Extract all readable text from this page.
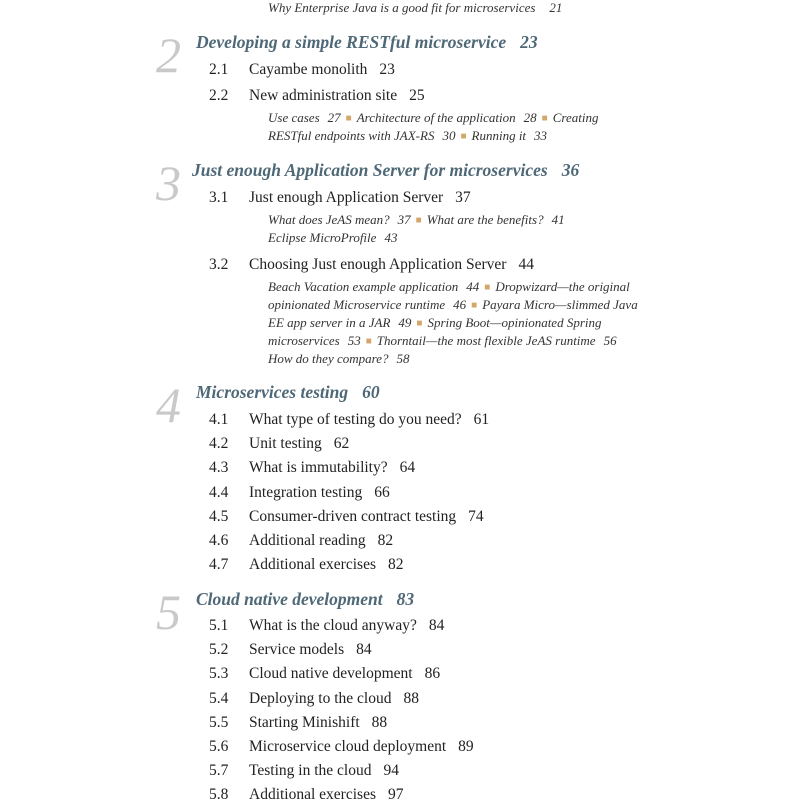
Why Enterprise Java is a good fit for microservices 21
2 Developing a simple RESTful microservice 23
2.1 Cayambe monolith 23
2.2 New administration site 25
Use cases 27 ■ Architecture of the application 28 ■ Creating
RESTful endpoints with JAX-RS 30 ■ Running it 33
3 Just enough Application Server for microservices 36
3.1 Just enough Application Server 37
What does JeAS mean? 37 ■ What are the benefits? 41
Eclipse MicroProfile 43
3.2 Choosing Just enough Application Server 44
Beach Vacation example application 44 ■ Dropwizard—the original
opinionated Microservice runtime 46 ■ Payara Micro—slimmed Java
EE app server in a JAR 49 ■ Spring Boot—opinionated Spring
microservices 53 ■ Thorntail—the most flexible JeAS runtime 56
How do they compare? 58
4 Microservices testing 60
4.1 What type of testing do you need? 61
4.2 Unit testing 62
4.3 What is immutability? 64
4.4 Integration testing 66
4.5 Consumer-driven contract testing 74
4.6 Additional reading 82
4.7 Additional exercises 82
5 Cloud native development 83
5.1 What is the cloud anyway? 84
5.2 Service models 84
5.3 Cloud native development 86
5.4 Deploying to the cloud 88
5.5 Starting Minishift 88
5.6 Microservice cloud deployment 89
5.7 Testing in the cloud 94
5.8 Additional exercises 97
